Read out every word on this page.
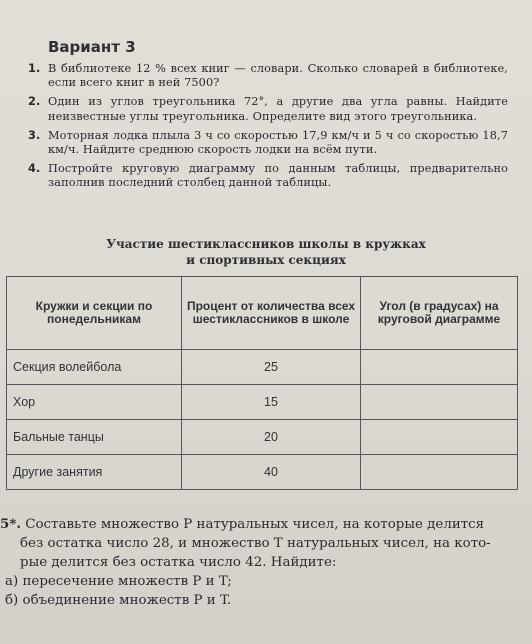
Вариант 3
1. В библиотеке 12 % всех книг — словари. Сколько словарей в библиотеке, если всего книг в ней 7500?
2. Один из углов треугольника 72°, а другие два угла равны. Найдите неизвестные углы треугольника. Определите вид этого треугольника.
3. Моторная лодка плыла 3 ч со скоростью 17,9 км/ч и 5 ч со скоростью 18,7 км/ч. Найдите среднюю скорость лодки на всём пути.
4. Постройте круговую диаграмму по данным таблицы, предварительно заполнив последний столбец данной таблицы.
Участие шестиклассников школы в кружках
и спортивных секциях
Кружки и секции по понедельникам	Процент от количества всех шестиклассников в школе	Угол (в градусах) на круговой диаграмме
Секция волейбола	25	
Хор	15	
Бальные танцы	20	
Другие занятия	40	
5*. Составьте множество P натуральных чисел, на которые делится
без остатка число 28, и множество T натуральных чисел, на кото-
рые делится без остатка число 42. Найдите:
а) пересечение множеств P и T;
б) объединение множеств P и T.
